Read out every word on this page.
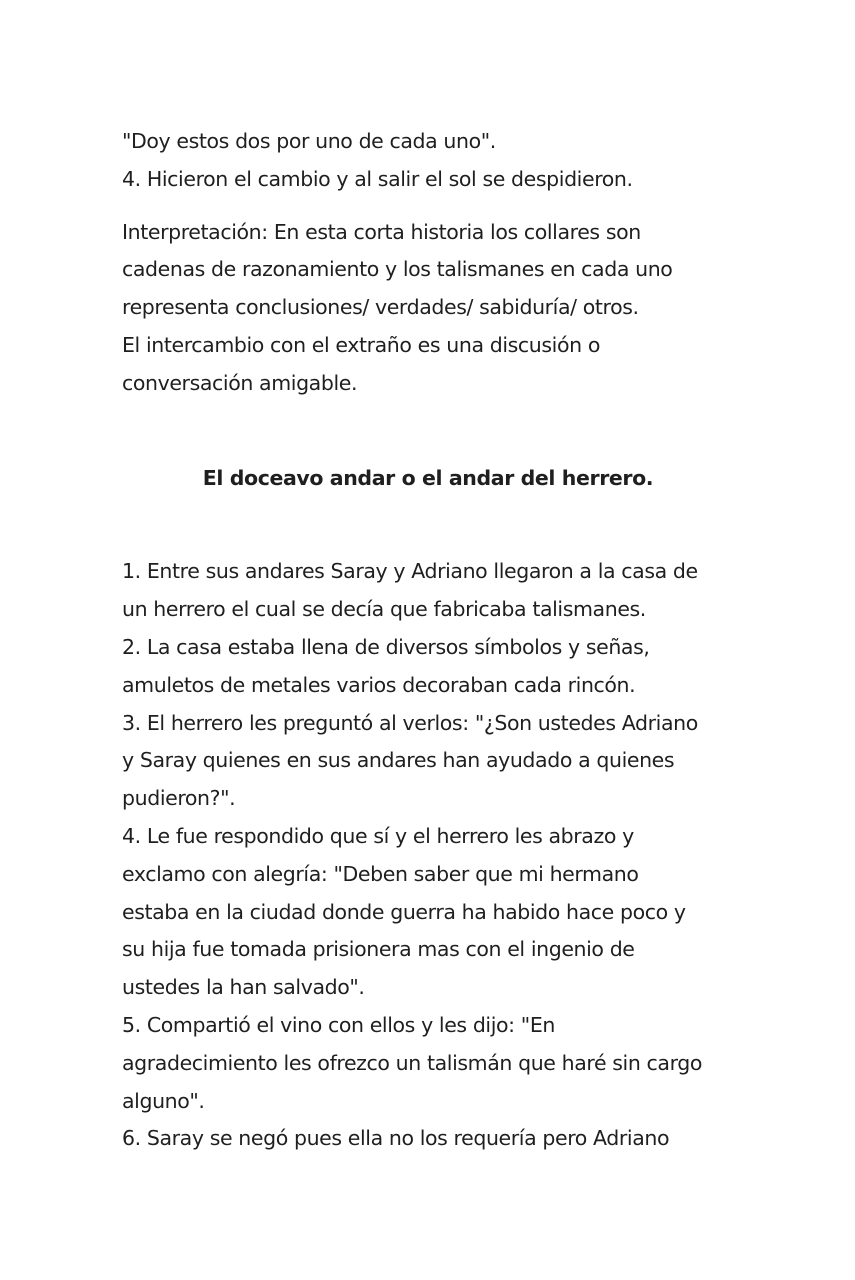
"Doy estos dos por uno de cada uno".
4. Hicieron el cambio y al salir el sol se despidieron.
Interpretación: En esta corta historia los collares son
cadenas de razonamiento y los talismanes en cada uno
representa conclusiones/ verdades/ sabiduría/ otros.
El intercambio con el extraño es una discusión o
conversación amigable.
El doceavo andar o el andar del herrero.
1. Entre sus andares Saray y Adriano llegaron a la casa de
un herrero el cual se decía que fabricaba talismanes.
2. La casa estaba llena de diversos símbolos y señas,
amuletos de metales varios decoraban cada rincón.
3. El herrero les preguntó al verlos: "¿Son ustedes Adriano
y Saray quienes en sus andares han ayudado a quienes
pudieron?".
4. Le fue respondido que sí y el herrero les abrazo y
exclamo con alegría: "Deben saber que mi hermano
estaba en la ciudad donde guerra ha habido hace poco y
su hija fue tomada prisionera mas con el ingenio de
ustedes la han salvado".
5. Compartió el vino con ellos y les dijo: "En
agradecimiento les ofrezco un talismán que haré sin cargo
alguno".
6. Saray se negó pues ella no los requería pero Adriano
